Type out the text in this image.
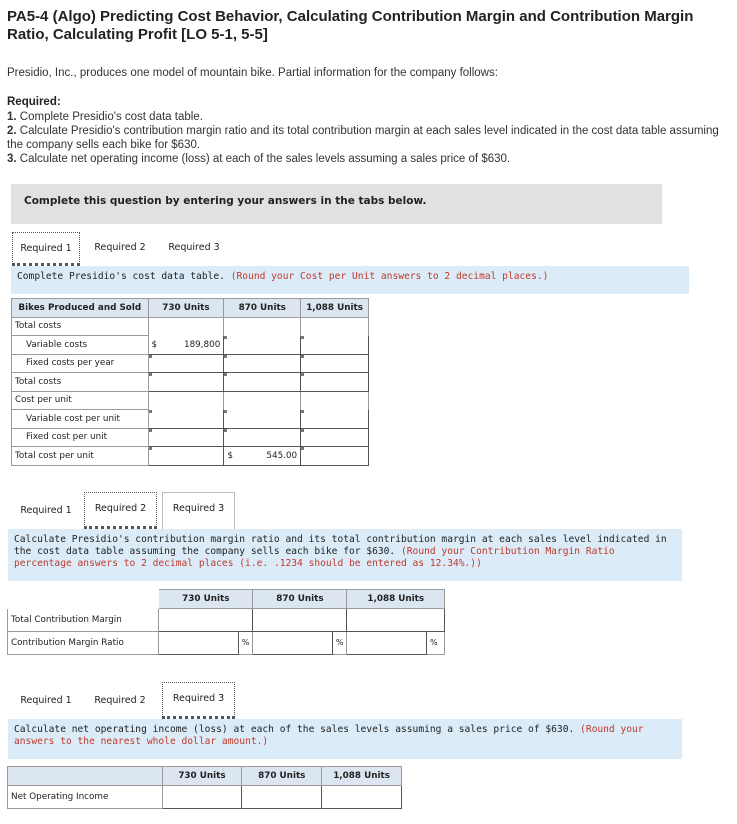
PA5-4 (Algo) Predicting Cost Behavior, Calculating Contribution Margin and Contribution Margin Ratio, Calculating Profit [LO 5-1, 5-5]
Presidio, Inc., produces one model of mountain bike. Partial information for the company follows:
Required:
1. Complete Presidio's cost data table.
2. Calculate Presidio's contribution margin ratio and its total contribution margin at each sales level indicated in the cost data table assuming the company sells each bike for $630.
3. Calculate net operating income (loss) at each of the sales levels assuming a sales price of $630.
Complete this question by entering your answers in the tabs below.
Required 1	Required 2	Required 3
Complete Presidio's cost data table. (Round your Cost per Unit answers to 2 decimal places.)
Bikes Produced and Sold	730 Units	870 Units	1,088 Units
Total costs			
Variable costs	$ 189,800		

Fixed costs per year	

Total costs	

Cost per unit			
Variable cost per unit	

Fixed cost per unit	

Total cost per unit		$ 545.00	

Required 1	Required 2	Required 3
Calculate Presidio's contribution margin ratio and its total contribution margin at each sales level indicated in the cost data table assuming the company sells each bike for $630. (Round your Contribution Margin Ratio percentage answers to 2 decimal places (i.e. .1234 should be entered as 12.34%.))
	730 Units		870 Units		1,088 Units	
Total Contribution Margin						
Contribution Margin Ratio		%		%		%
Required 1	Required 2	Required 3
Calculate net operating income (loss) at each of the sales levels assuming a sales price of $630. (Round your answers to the nearest whole dollar amount.)
	730 Units	870 Units	1,088 Units
Net Operating Income			
